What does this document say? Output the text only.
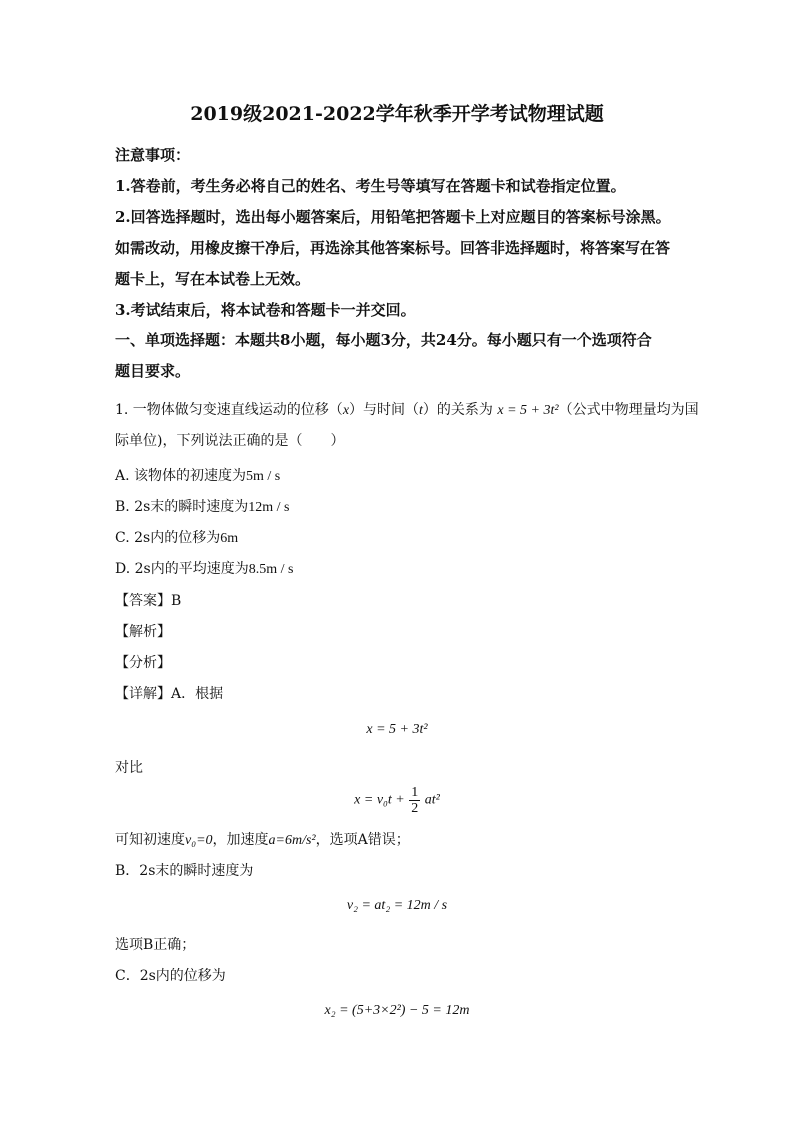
2019级2021-2022学年秋季开学考试物理试题
注意事项：
1.答卷前，考生务必将自己的姓名、考生号等填写在答题卡和试卷指定位置。
2.回答选择题时，选出每小题答案后，用铅笔把答题卡上对应题目的答案标号涂黑。
如需改动，用橡皮擦干净后，再选涂其他答案标号。回答非选择题时，将答案写在答
题卡上，写在本试卷上无效。
3.考试结束后，将本试卷和答题卡一并交回。
一、单项选择题：本题共8小题，每小题3分，共24分。每小题只有一个选项符合
题目要求。
1. 一物体做匀变速直线运动的位移（x）与时间（t）的关系为 x = 5 + 3t²（公式中物理量均为国
际单位)，下列说法正确的是（　　）
A. 该物体的初速度为5m / s
B. 2s末的瞬时速度为12m / s
C. 2s内的位移为6m
D. 2s内的平均速度为8.5m / s
【答案】B
【解析】
【分析】
【详解】A．根据
x = 5 + 3t²
对比
$x = v_0t + \frac{1}{2} at^2$
可知初速度v₀=0，加速度a=6m/s²，选项A错误；
B．2s末的瞬时速度为
v₂ = at₂ = 12m / s
选项B正确；
C．2s内的位移为
x₂ = (5+3×2²) − 5 = 12m
